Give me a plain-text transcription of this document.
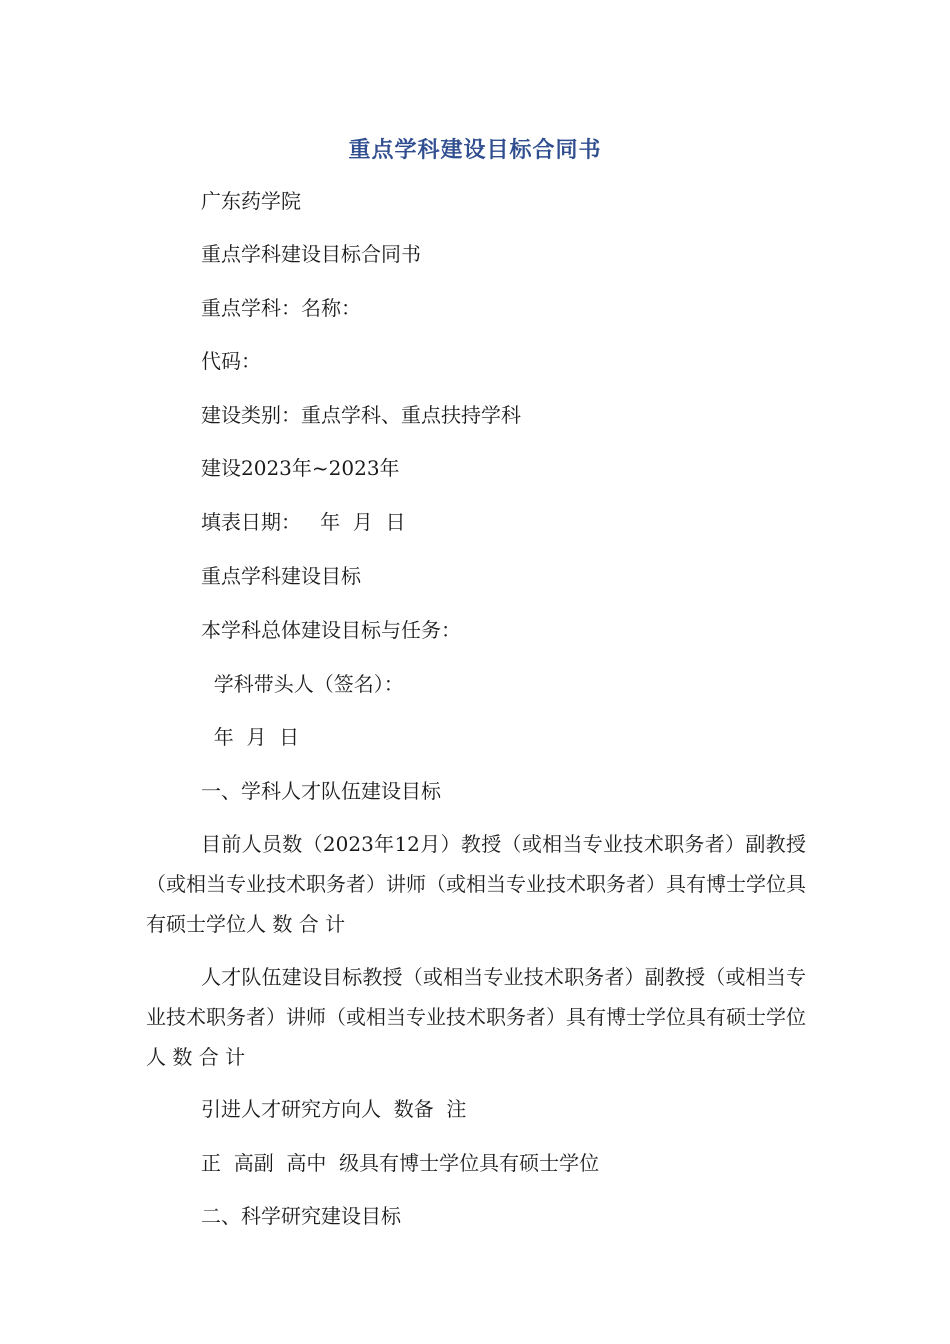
重点学科建设目标合同书
广东药学院
重点学科建设目标合同书
重点学科：名称：
代码：
建设类别：重点学科、重点扶持学科
建设2023年~2023年
填表日期：   年  月  日
重点学科建设目标
本学科总体建设目标与任务：
学科带头人（签名）：
年  月  日
一、学科人才队伍建设目标
目前人员数（2023年12月）教授（或相当专业技术职务者）副教授（或相当专业技术职务者）讲师（或相当专业技术职务者）具有博士学位具有硕士学位人 数 合 计
人才队伍建设目标教授（或相当专业技术职务者）副教授（或相当专业技术职务者）讲师（或相当专业技术职务者）具有博士学位具有硕士学位人 数 合 计
引进人才研究方向人  数备  注
正  高副  高中  级具有博士学位具有硕士学位
二、科学研究建设目标
